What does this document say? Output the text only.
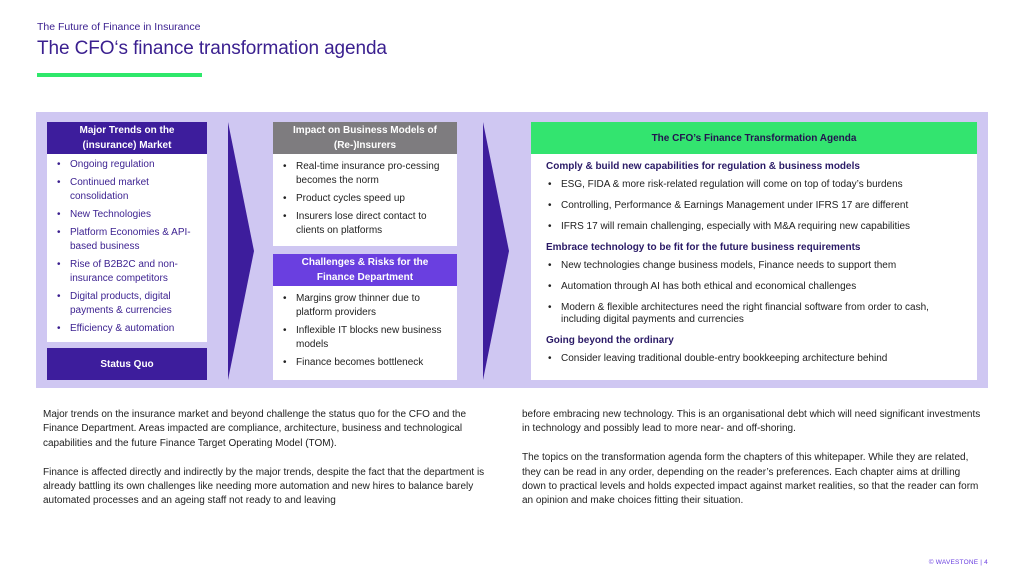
The Future of Finance in Insurance
The CFO‘s finance transformation agenda
Major Trends on the (insurance) Market
• Ongoing regulation
• Continued market consolidation
• New Technologies
• Platform Economies & API-based business
• Rise of B2B2C and non-insurance competitors
• Digital products, digital payments & currencies
• Efficiency & automation
Status Quo
Impact on Business Models of (Re-)Insurers
• Real-time insurance pro-cessing becomes the norm
• Product cycles speed up
• Insurers lose direct contact to clients on platforms
Challenges & Risks for the Finance Department
• Margins grow thinner due to platform providers
• Inflexible IT blocks new business models
• Finance becomes bottleneck
The CFO’s Finance Transformation Agenda
Comply & build new capabilities for regulation & business models
• ESG, FIDA & more risk-related regulation will come on top of today’s burdens
• Controlling, Performance & Earnings Management under IFRS 17 are different
• IFRS 17 will remain challenging, especially with M&A requiring new capabilities
Embrace technology to be fit for the future business requirements
• New technologies change business models, Finance needs to support them
• Automation through AI has both ethical and economical challenges
• Modern & flexible architectures need the right financial software from order to cash, including digital payments and currencies
Going beyond the ordinary
• Consider leaving traditional double-entry bookkeeping architecture behind

Major trends on the insurance market and beyond challenge the status quo for the CFO and the Finance Department. Areas impacted are compliance, architecture, business and technological capabilities and the future Finance Target Operating Model (TOM).

Finance is affected directly and indirectly by the major trends, despite the fact that the department is already battling its own challenges like needing more automation and new hires to balance barely automated processes and an ageing staff not ready to and leaving

before embracing new technology. This is an organisational debt which will need significant investments in technology and possibly lead to more near- and off-shoring.

The topics on the transformation agenda form the chapters of this whitepaper. While they are related, they can be read in any order, depending on the reader’s preferences. Each chapter aims at drilling down to practical levels and holds expected impact against market realities, so that the reader can form an opinion and make choices fitting their situation.

© WAVESTONE | 4
